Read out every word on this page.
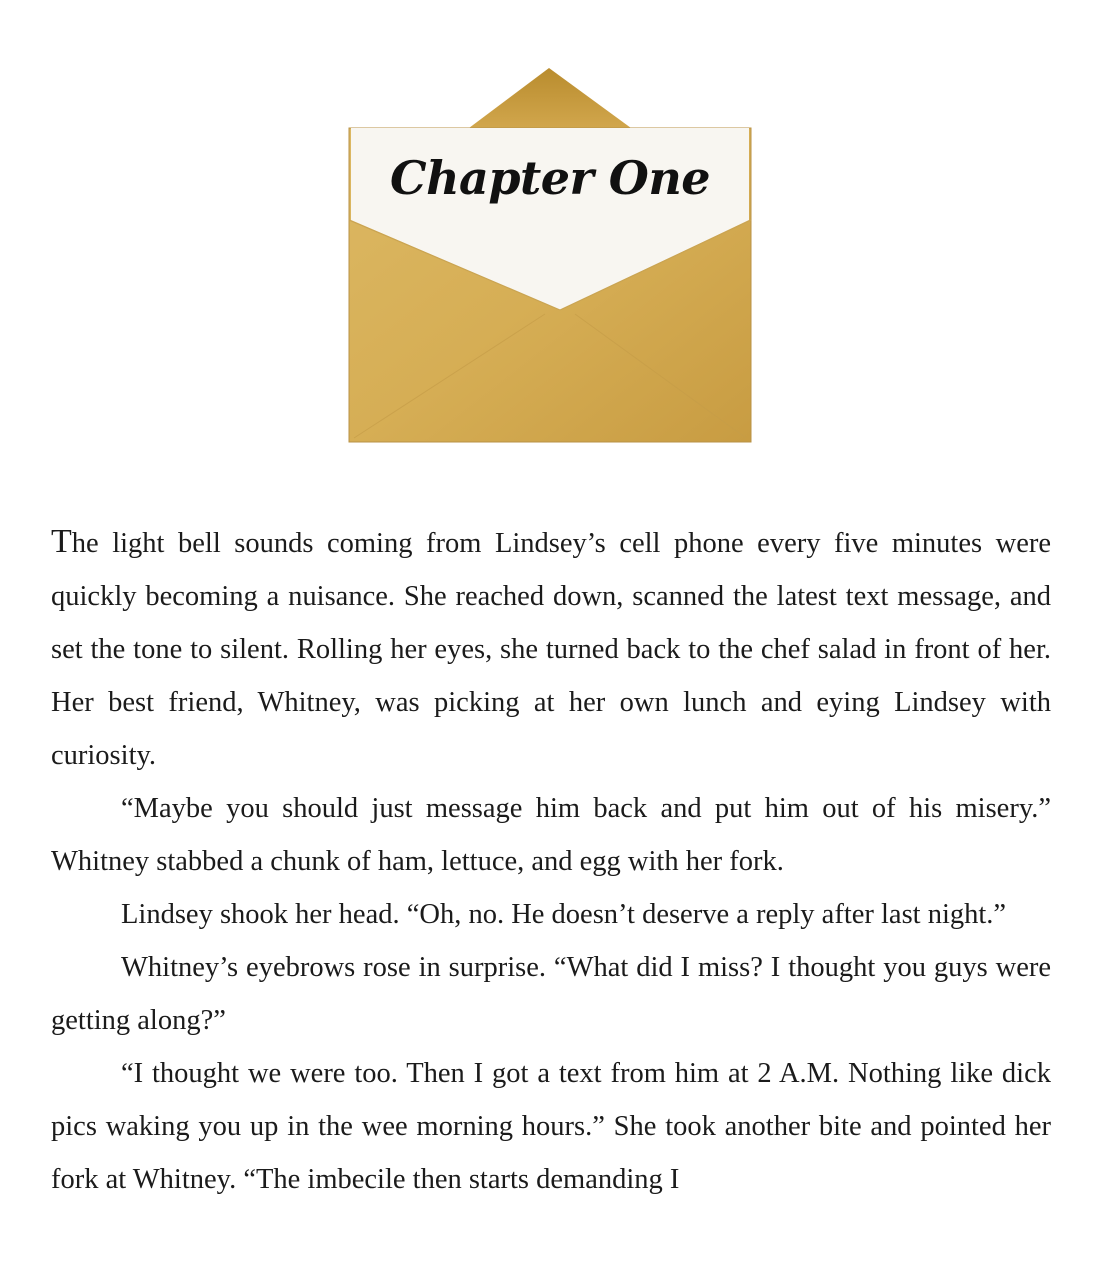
Chapter One

The light bell sounds coming from Lindsey’s cell phone every five minutes were quickly becoming a nuisance. She reached down, scanned the latest text message, and set the tone to silent. Rolling her eyes, she turned back to the chef salad in front of her. Her best friend, Whitney, was picking at her own lunch and eying Lindsey with curiosity.

“Maybe you should just message him back and put him out of his misery.” Whitney stabbed a chunk of ham, lettuce, and egg with her fork.

Lindsey shook her head. “Oh, no. He doesn’t deserve a reply after last night.”

Whitney’s eyebrows rose in surprise. “What did I miss? I thought you guys were getting along?”

“I thought we were too. Then I got a text from him at 2 A.M. Nothing like dick pics waking you up in the wee morning hours.” She took another bite and pointed her fork at Whitney. “The imbecile then starts demanding I
